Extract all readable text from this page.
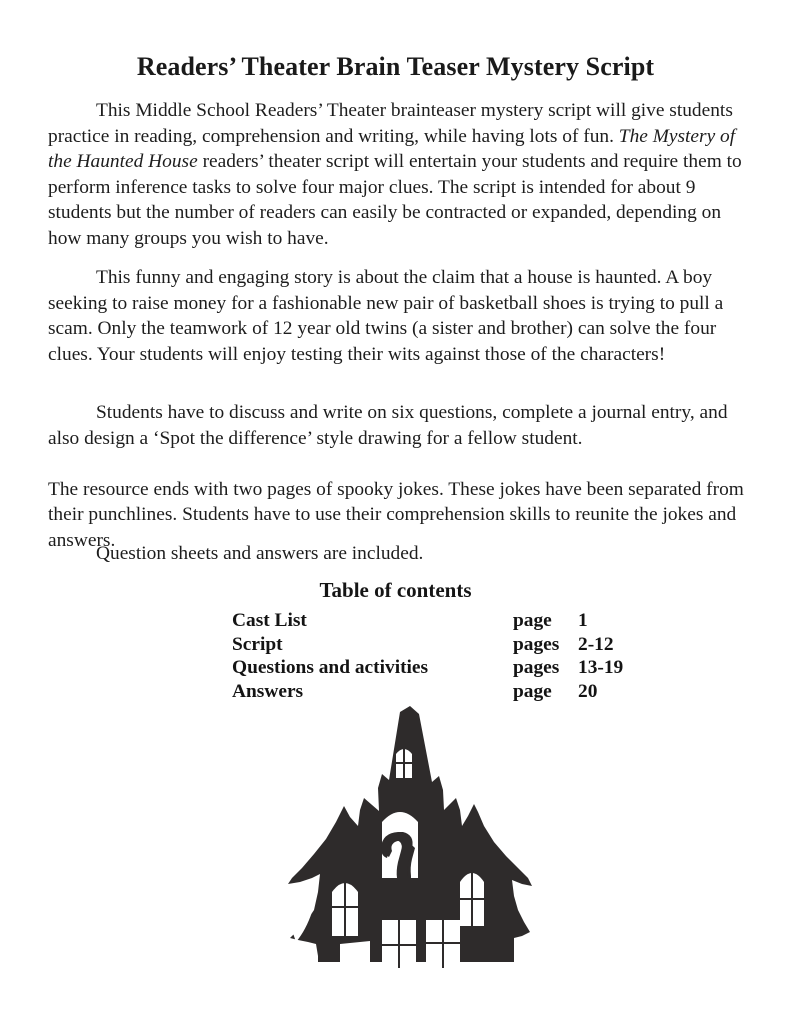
Readers’ Theater Brain Teaser Mystery Script

This Middle School Readers’ Theater brainteaser mystery script will give students practice in reading, comprehension and writing, while having lots of fun. The Mystery of the Haunted House readers’ theater script will entertain your students and require them to perform inference tasks to solve four major clues. The script is intended for about 9 students but the number of readers can easily be contracted or expanded, depending on how many groups you wish to have.

This funny and engaging story is about the claim that a house is haunted. A boy seeking to raise money for a fashionable new pair of basketball shoes is trying to pull a scam. Only the teamwork of 12 year old twins (a sister and brother) can solve the four clues. Your students will enjoy testing their wits against those of the characters!

Students have to discuss and write on six questions, complete a journal entry, and also design a ‘Spot the difference’ style drawing for a fellow student.

The resource ends with two pages of spooky jokes. These jokes have been separated from their punchlines. Students have to use their comprehension skills to reunite the jokes and answers.

Question sheets and answers are included.

Table of contents
Cast List	page	1
Script	pages	2-12
Questions and activities	pages	13-19
Answers	page	20
